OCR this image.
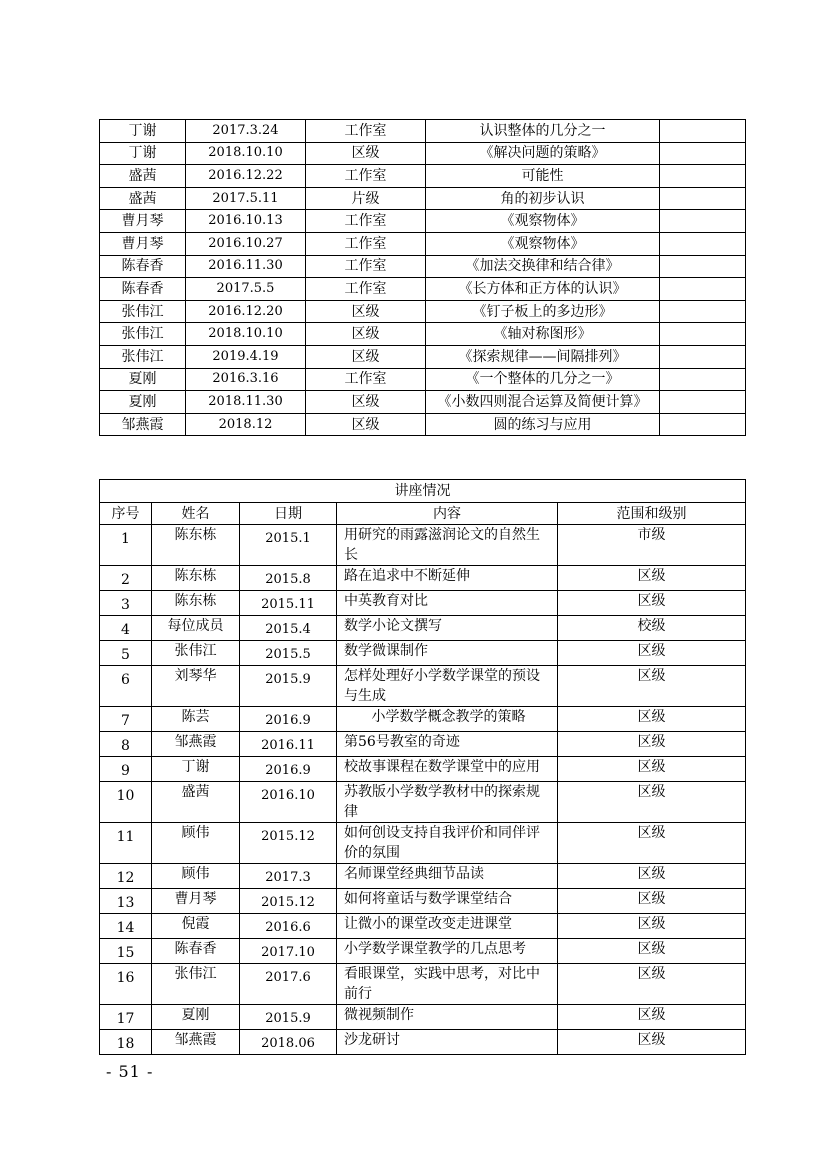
丁谢	2017.3.24	工作室	认识整体的几分之一	
丁谢	2018.10.10	区级	《解决问题的策略》	
盛茜	2016.12.22	工作室	可能性	
盛茜	2017.5.11	片级	角的初步认识	
曹月琴	2016.10.13	工作室	《观察物体》	
曹月琴	2016.10.27	工作室	《观察物体》	
陈春香	2016.11.30	工作室	《加法交换律和结合律》	
陈春香	2017.5.5	工作室	《长方体和正方体的认识》	
张伟江	2016.12.20	区级	《钉子板上的多边形》	
张伟江	2018.10.10	区级	《轴对称图形》	
张伟江	2019.4.19	区级	《探索规律——间隔排列》	
夏刚	2016.3.16	工作室	《一个整体的几分之一》	
夏刚	2018.11.30	区级	《小数四则混合运算及简便计算》	
邹燕霞	2018.12	区级	圆的练习与应用	
讲座情况				
序号	姓名	日期	内容	范围和级别
1	陈东栋	2015.1	用研究的雨露滋润论文的自然生长	市级
2	陈东栋	2015.8	路在追求中不断延伸	区级
3	陈东栋	2015.11	中英教育对比	区级
4	每位成员	2015.4	数学小论文撰写	校级
5	张伟江	2015.5	数学微课制作	区级
6	刘琴华	2015.9	怎样处理好小学数学课堂的预设与生成	区级
7	陈芸	2016.9	小学数学概念教学的策略	区级
8	邹燕霞	2016.11	第56号教室的奇迹	区级
9	丁谢	2016.9	校故事课程在数学课堂中的应用	区级
10	盛茜	2016.10	苏教版小学数学教材中的探索规律	区级
11	顾伟	2015.12	如何创设支持自我评价和同伴评价的氛围	区级
12	顾伟	2017.3	名师课堂经典细节品读	区级
13	曹月琴	2015.12	如何将童话与数学课堂结合	区级
14	倪霞	2016.6	让微小的课堂改变走进课堂	区级
15	陈春香	2017.10	小学数学课堂教学的几点思考	区级
16	张伟江	2017.6	看眼课堂，实践中思考，对比中前行	区级
17	夏刚	2015.9	微视频制作	区级
18	邹燕霞	2018.06	沙龙研讨	区级
- 51 -
